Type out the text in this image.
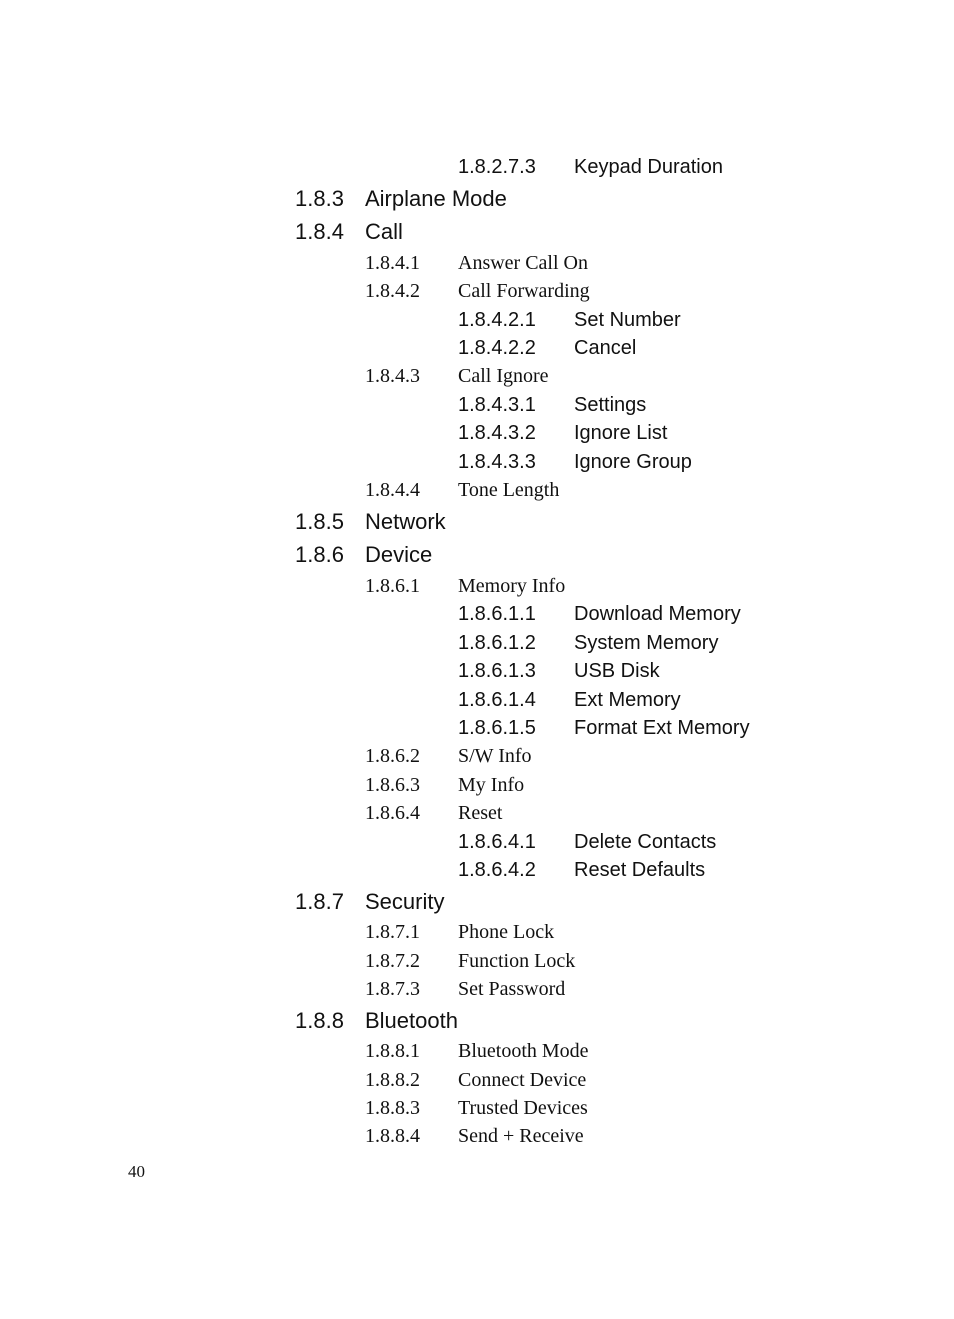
1.8.2.7.3 Keypad Duration
1.8.3 Airplane Mode
1.8.4 Call
1.8.4.1 Answer Call On
1.8.4.2 Call Forwarding
1.8.4.2.1 Set Number
1.8.4.2.2 Cancel
1.8.4.3 Call Ignore
1.8.4.3.1 Settings
1.8.4.3.2 Ignore List
1.8.4.3.3 Ignore Group
1.8.4.4 Tone Length
1.8.5 Network
1.8.6 Device
1.8.6.1 Memory Info
1.8.6.1.1 Download Memory
1.8.6.1.2 System Memory
1.8.6.1.3 USB Disk
1.8.6.1.4 Ext Memory
1.8.6.1.5 Format Ext Memory
1.8.6.2 S/W Info
1.8.6.3 My Info
1.8.6.4 Reset
1.8.6.4.1 Delete Contacts
1.8.6.4.2 Reset Defaults
1.8.7 Security
1.8.7.1 Phone Lock
1.8.7.2 Function Lock
1.8.7.3 Set Password
1.8.8 Bluetooth
1.8.8.1 Bluetooth Mode
1.8.8.2 Connect Device
1.8.8.3 Trusted Devices
1.8.8.4 Send + Receive
40
